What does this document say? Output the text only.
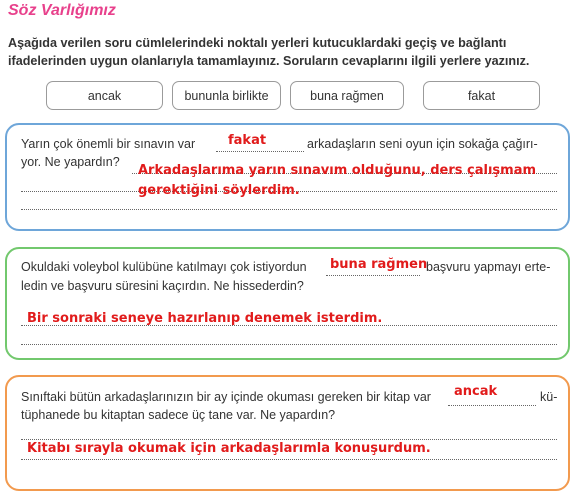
Söz Varlığımız
Aşağıda verilen soru cümlelerindeki noktalı yerleri kutucuklardaki geçiş ve bağlantı ifadelerinden uygun olanlarıyla tamamlayınız. Soruların cevaplarını ilgili yerlere yazınız.
ancak	bununla birlikte	buna rağmen	fakat
Yarın çok önemli bir sınavın var	fakat	arkadaşların seni oyun için sokağa çağırı-
yor. Ne yapardın?
Arkadaşlarıma yarın sınavım olduğunu, ders çalışmam
gerektiğini söylerdim.
Okuldaki voleybol kulübüne katılmayı çok istiyordun buna rağmen
başvuru yapmayı erte-
ledin ve başvuru süresini kaçırdın. Ne hissederdin?
Bir sonraki seneye hazırlanıp denemek isterdim.
Sınıftaki bütün arkadaşlarınızın bir ay içinde okuması gereken bir kitap var ancak	kü-
tüphanede bu kitaptan sadece üç tane var. Ne yapardın?
Kitabı sırayla okumak için arkadaşlarımla konuşurdum.
